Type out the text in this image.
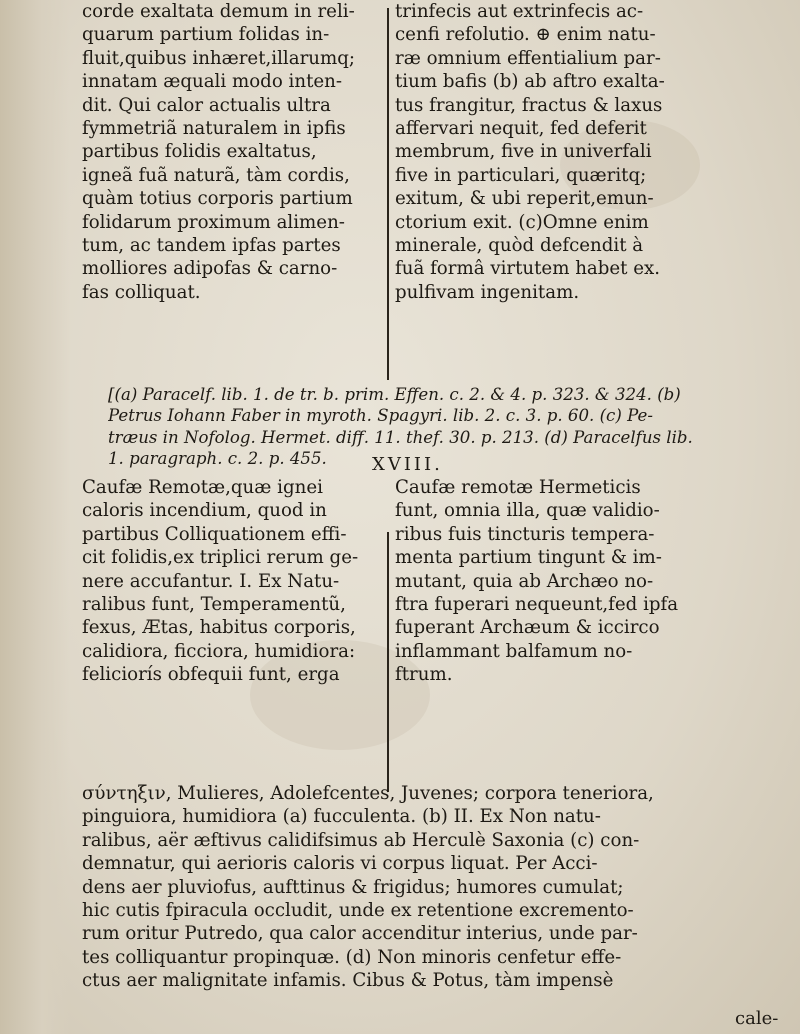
corde exaltata demum in reli-
quarum partium folidas in-
fluit,quibus inhæret,illarumq;
innatam æquali modo inten-
dit. Qui calor actualis ultra
fymmetriã naturalem in ipfis
partibus folidis exaltatus,
igneã fuã naturã, tàm cordis,
quàm totius corporis partium
folidarum proximum alimen-
tum, ac tandem ipfas partes
molliores adipofas & carno-
fas colliquat.
trinfecis aut extrinfecis ac-
cenfi refolutio. ⊕ enim natu-
ræ omnium effentialium par-
tium bafis (b) ab aftro exalta-
tus frangitur, fractus & laxus
affervari nequit, fed deferit
membrum, five in univerfali
five in particulari, quæritq;
exitum, & ubi reperit,emun-
ctorium exit. (c)Omne enim
minerale, quòd defcendit à
fuã formâ virtutem habet ex.
pulfivam ingenitam.
[(a) Paracelf. lib. 1. de tr. b. prim. Effen. c. 2. & 4. p. 323. & 324. (b)
Petrus Iohann Faber in myroth. Spagyri. lib. 2. c. 3. p. 60. (c) Pe-
træus in Nofolog. Hermet. diff. 11. thef. 30. p. 213. (d) Paracelfus lib.
1. paragraph. c. 2. p. 455.	XVIII.
Caufæ Remotæ,quæ ignei
caloris incendium, quod in
partibus Colliquationem effi-
cit folidis,ex triplici rerum ge-
nere accufantur. I. Ex Natu-
ralibus funt, Temperamentũ,
fexus, Ætas, habitus corporis,
calidiora, ficciora, humidiora:
feliciorís obfequii funt, erga
Caufæ remotæ Hermeticis
funt, omnia illa, quæ validio-
ribus fuis tincturis tempera-
menta partium tingunt & im-
mutant, quia ab Archæo no-
ftra fuperari nequeunt,fed ipfa
fuperant Archæum & iccirco
inflammant balfamum no-
ftrum.
σύντηξιν, Mulieres, Adolefcentes, Juvenes; corpora teneriora,
pinguiora, humidiora (a) fucculenta. (b) II. Ex Non natu-
ralibus, aër æftivus calidifsimus ab Herculè Saxonia (c) con-
demnatur, qui aerioris caloris vi corpus liquat. Per Acci-
dens aer pluviofus, aufttinus & frigidus; humores cumulat;
hic cutis fpiracula occludit, unde ex retentione excremento-
rum oritur Putredo, qua calor accenditur interius, unde par-
tes colliquantur propinquæ. (d) Non minoris cenfetur effe-
ctus aer malignitate infamis. Cibus & Potus, tàm impensè
cale-
